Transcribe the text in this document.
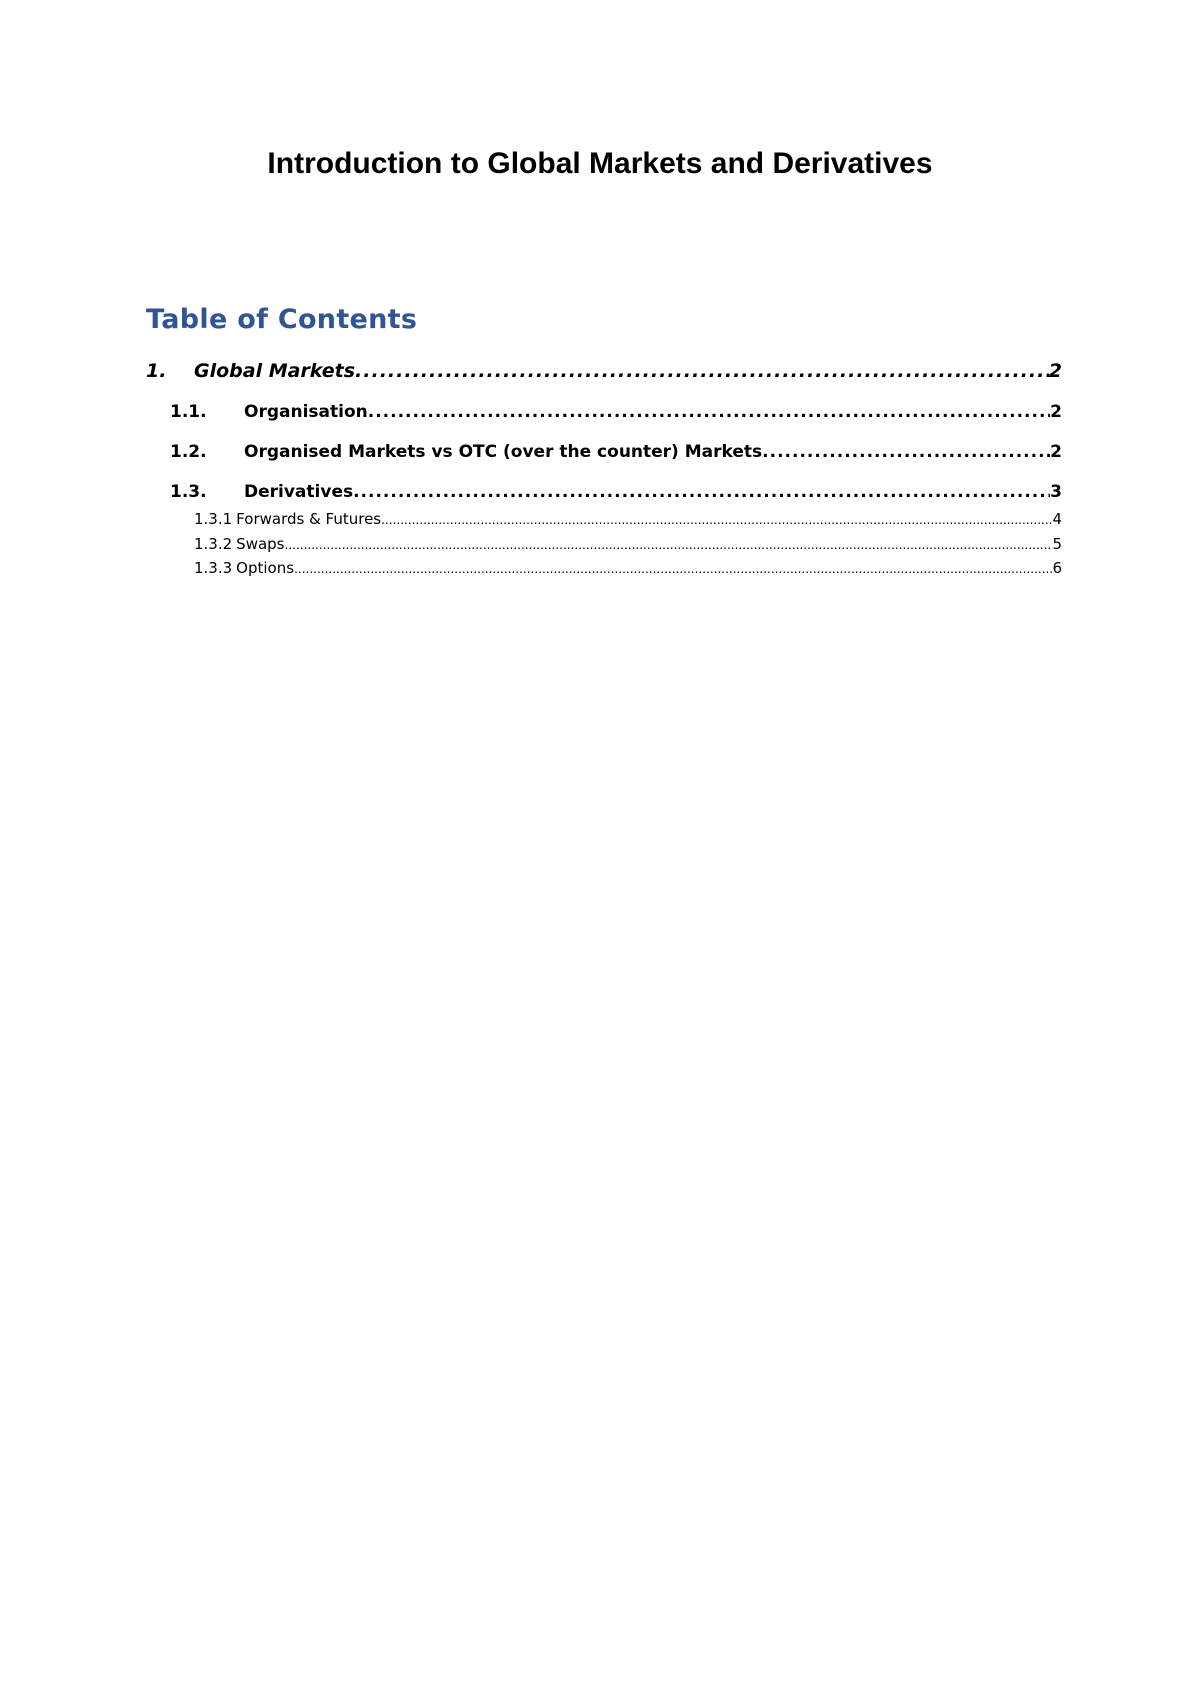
Introduction to Global Markets and Derivatives
Table of Contents
1.	Global Markets .....	2
1.1.	Organisation .....	2
1.2.	Organised Markets vs OTC (over the counter) Markets .....	2
1.3.	Derivatives .....	3
1.3.1 Forwards & Futures .....	4
1.3.2 Swaps .....	5
1.3.3 Options .....	6
